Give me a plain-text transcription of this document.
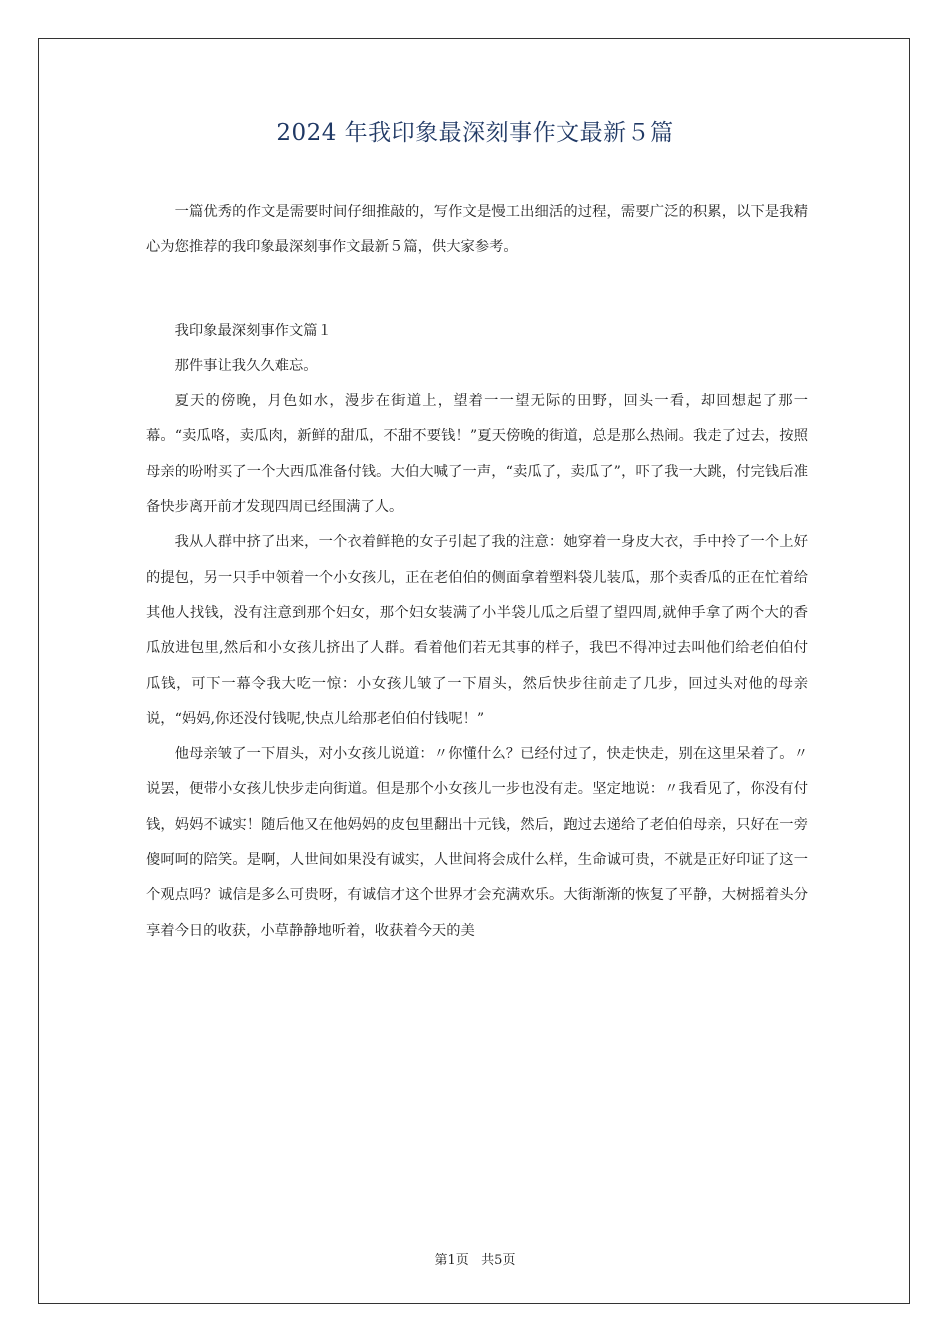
2024 年我印象最深刻事作文最新５篇

一篇优秀的作文是需要时间仔细推敲的，写作文是慢工出细活的过程，需要广泛的积累，以下是我精心为您推荐的我印象最深刻事作文最新５篇，供大家参考。

我印象最深刻事作文篇１

那件事让我久久难忘。

夏天的傍晚，月色如水，漫步在街道上，望着一一望无际的田野，回头一看，却回想起了那一幕。“卖瓜咯，卖瓜肉，新鲜的甜瓜，不甜不要钱！”夏天傍晚的街道，总是那么热闹。我走了过去，按照母亲的吩咐买了一个大西瓜准备付钱。大伯大喊了一声，“卖瓜了，卖瓜了”，吓了我一大跳，付完钱后准备快步离开前才发现四周已经围满了人。

我从人群中挤了出来，一个衣着鲜艳的女子引起了我的注意：她穿着一身皮大衣，手中拎了一个上好的提包，另一只手中领着一个小女孩儿，正在老伯伯的侧面拿着塑料袋儿装瓜，那个卖香瓜的正在忙着给其他人找钱，没有注意到那个妇女，那个妇女装满了小半袋儿瓜之后望了望四周,就伸手拿了两个大的香瓜放进包里,然后和小女孩儿挤出了人群。看着他们若无其事的样子，我巴不得冲过去叫他们给老伯伯付瓜钱，可下一幕令我大吃一惊：小女孩儿皱了一下眉头，然后快步往前走了几步，回过头对他的母亲说，“妈妈,你还没付钱呢,快点儿给那老伯伯付钱呢！”

他母亲皱了一下眉头，对小女孩儿说道：〃你懂什么？已经付过了，快走快走，别在这里呆着了。〃说罢，便带小女孩儿快步走向街道。但是那个小女孩儿一步也没有走。坚定地说：〃我看见了，你没有付钱，妈妈不诚实！随后他又在他妈妈的皮包里翻出十元钱，然后，跑过去递给了老伯伯母亲，只好在一旁傻呵呵的陪笑。是啊，人世间如果没有诚实，人世间将会成什么样，生命诚可贵，不就是正好印证了这一个观点吗？诚信是多么可贵呀，有诚信才这个世界才会充满欢乐。大街渐渐的恢复了平静，大树摇着头分享着今日的收获，小草静静地听着，收获着今天的美

第1页   共5页
